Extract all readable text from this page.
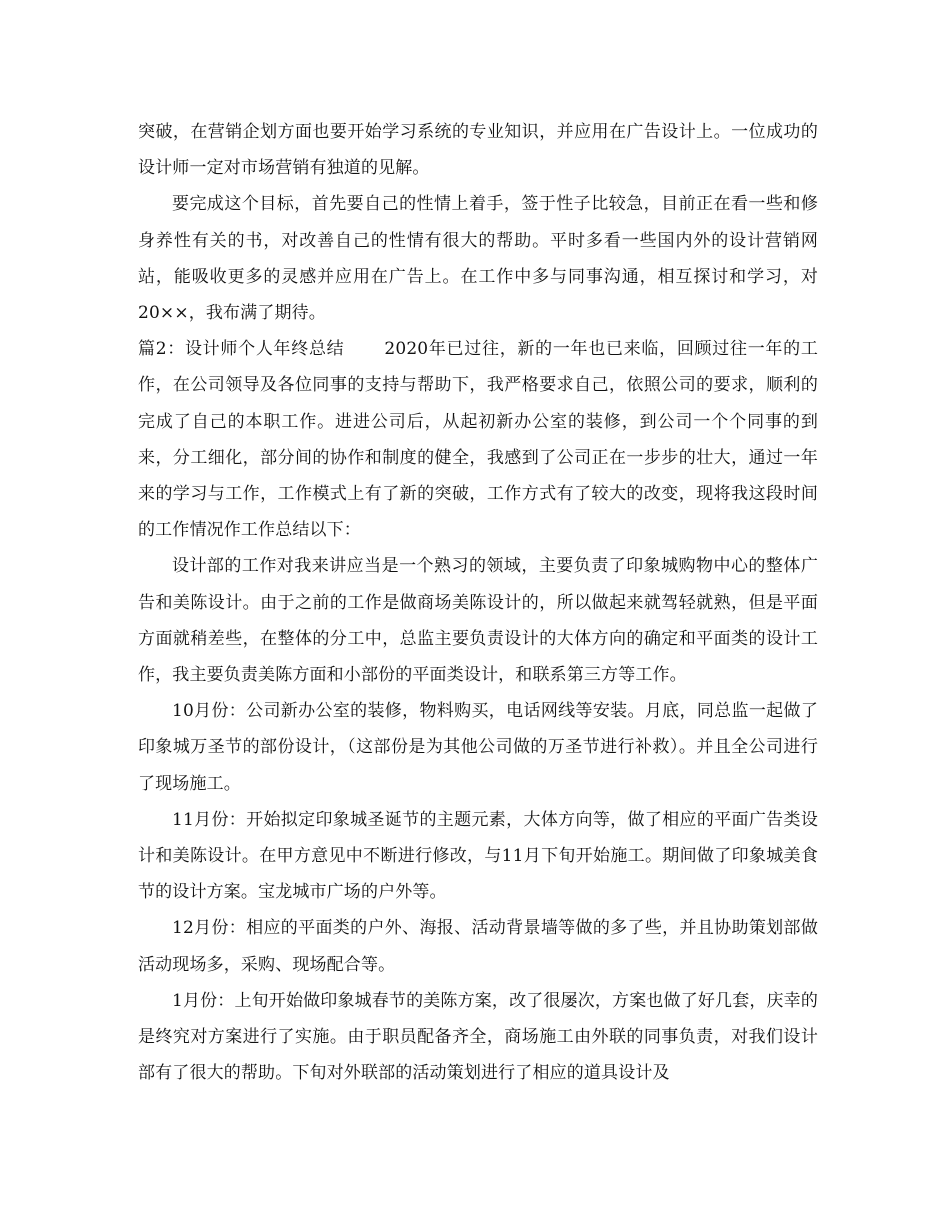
突破，在营销企划方面也要开始学习系统的专业知识，并应用在广告设计上。一位成功的设计师一定对市场营销有独道的见解。

要完成这个目标，首先要自己的性情上着手，签于性子比较急，目前正在看一些和修身养性有关的书，对改善自己的性情有很大的帮助。平时多看一些国内外的设计营销网站，能吸收更多的灵感并应用在广告上。在工作中多与同事沟通，相互探讨和学习，对20××，我布满了期待。

篇2：设计师个人年终总结 2020年已过往，新的一年也已来临，回顾过往一年的工作，在公司领导及各位同事的支持与帮助下，我严格要求自己，依照公司的要求，顺利的完成了自己的本职工作。进进公司后，从起初新办公室的装修，到公司一个个同事的到来，分工细化，部分间的协作和制度的健全，我感到了公司正在一步步的壮大，通过一年来的学习与工作，工作模式上有了新的突破，工作方式有了较大的改变，现将我这段时间的工作情况作工作总结以下：

设计部的工作对我来讲应当是一个熟习的领域，主要负责了印象城购物中心的整体广告和美陈设计。由于之前的工作是做商场美陈设计的，所以做起来就驾轻就熟，但是平面方面就稍差些，在整体的分工中，总监主要负责设计的大体方向的确定和平面类的设计工作，我主要负责美陈方面和小部份的平面类设计，和联系第三方等工作。

10月份：公司新办公室的装修，物料购买，电话网线等安装。月底，同总监一起做了印象城万圣节的部份设计，（这部份是为其他公司做的万圣节进行补救）。并且全公司进行了现场施工。

11月份：开始拟定印象城圣诞节的主题元素，大体方向等，做了相应的平面广告类设计和美陈设计。在甲方意见中不断进行修改，与11月下旬开始施工。期间做了印象城美食节的设计方案。宝龙城市广场的户外等。

12月份：相应的平面类的户外、海报、活动背景墙等做的多了些，并且协助策划部做活动现场多，采购、现场配合等。

1月份：上旬开始做印象城春节的美陈方案，改了很屡次，方案也做了好几套，庆幸的是终究对方案进行了实施。由于职员配备齐全，商场施工由外联的同事负责，对我们设计部有了很大的帮助。下旬对外联部的活动策划进行了相应的道具设计及
